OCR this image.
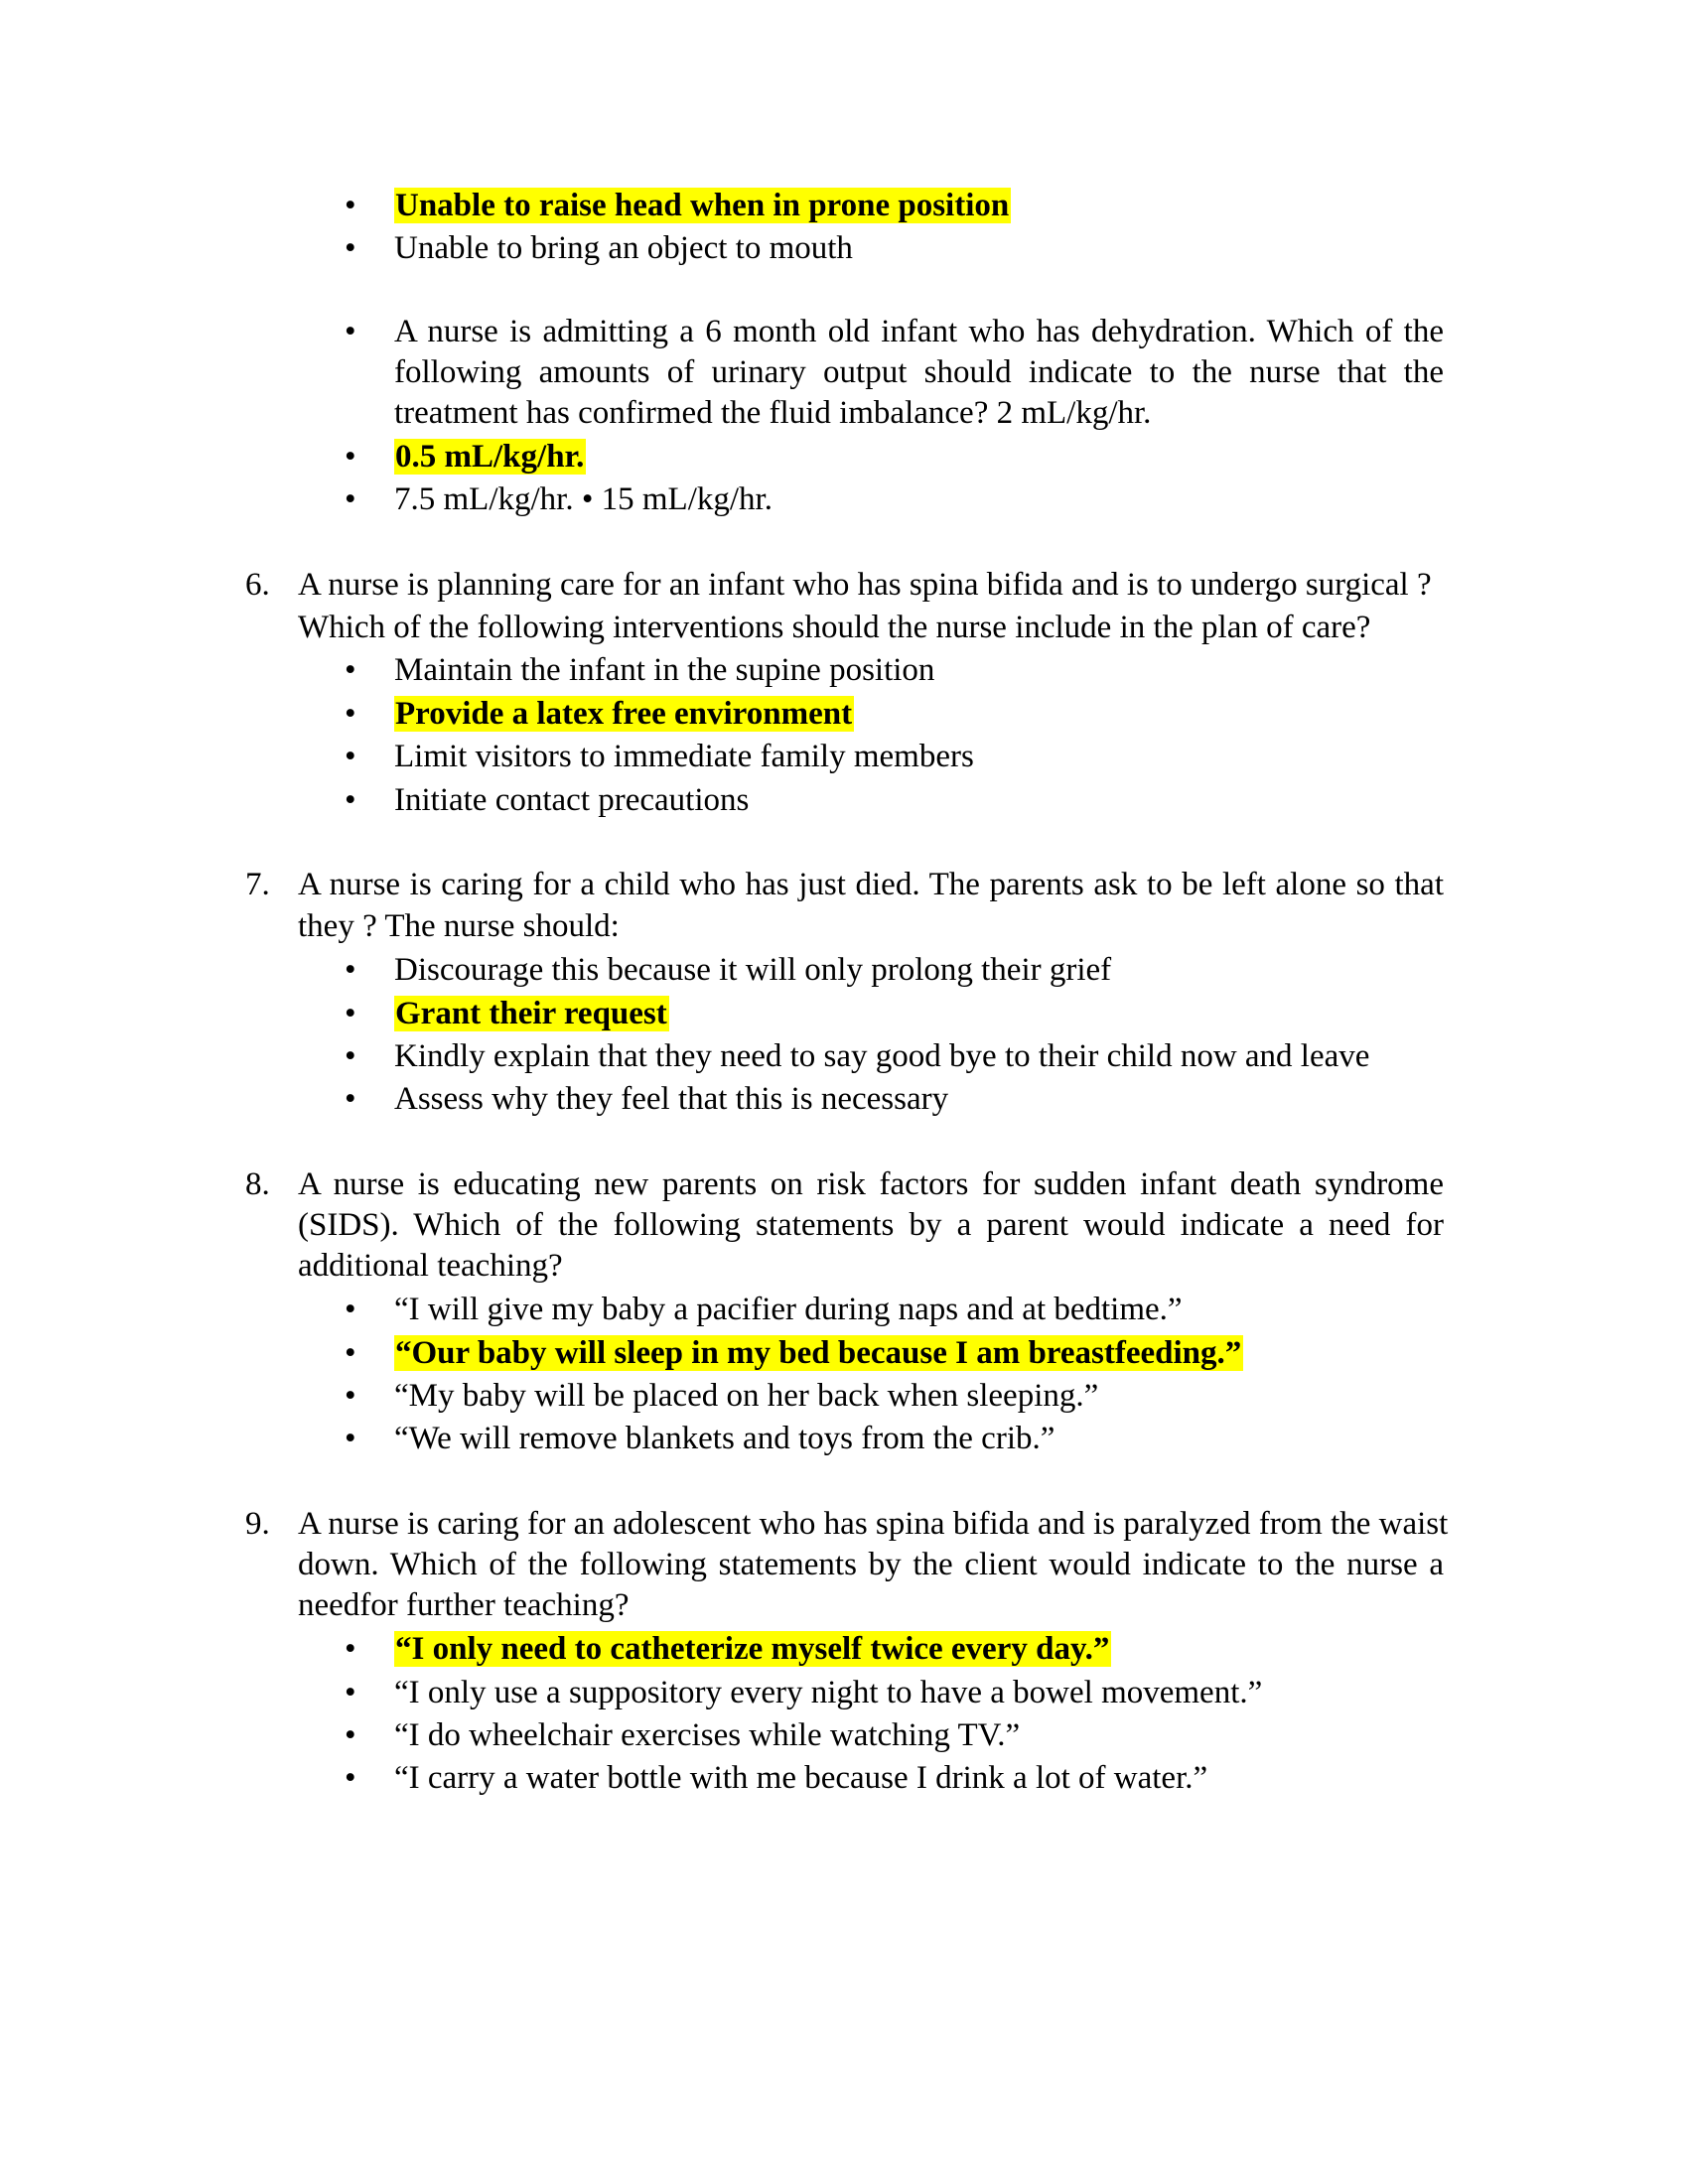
• Unable to raise head when in prone position
• Unable to bring an object to mouth
• A nurse is admitting a 6 month old infant who has dehydration. Which of the
following amounts of urinary output should indicate to the nurse that the
treatment has confirmed the fluid imbalance? 2 mL/kg/hr.
• 0.5 mL/kg/hr.
• 7.5 mL/kg/hr. • 15 mL/kg/hr.
6. A nurse is planning care for an infant who has spina bifida and is to undergo surgical ?
Which of the following interventions should the nurse include in the plan of care?
• Maintain the infant in the supine position
• Provide a latex free environment
• Limit visitors to immediate family members
• Initiate contact precautions
7. A nurse is caring for a child who has just died. The parents ask to be left alone so that
they ? The nurse should:
• Discourage this because it will only prolong their grief
• Grant their request
• Kindly explain that they need to say good bye to their child now and leave
• Assess why they feel that this is necessary
8. A nurse is educating new parents on risk factors for sudden infant death syndrome
(SIDS). Which of the following statements by a parent would indicate a need for
additional teaching?
• “I will give my baby a pacifier during naps and at bedtime.”
• “Our baby will sleep in my bed because I am breastfeeding.”
• “My baby will be placed on her back when sleeping.”
• “We will remove blankets and toys from the crib.”
9. A nurse is caring for an adolescent who has spina bifida and is paralyzed from the waist
down. Which of the following statements by the client would indicate to the nurse a
needfor further teaching?
• “I only need to catheterize myself twice every day.”
• “I only use a suppository every night to have a bowel movement.”
• “I do wheelchair exercises while watching TV.”
• “I carry a water bottle with me because I drink a lot of water.”
